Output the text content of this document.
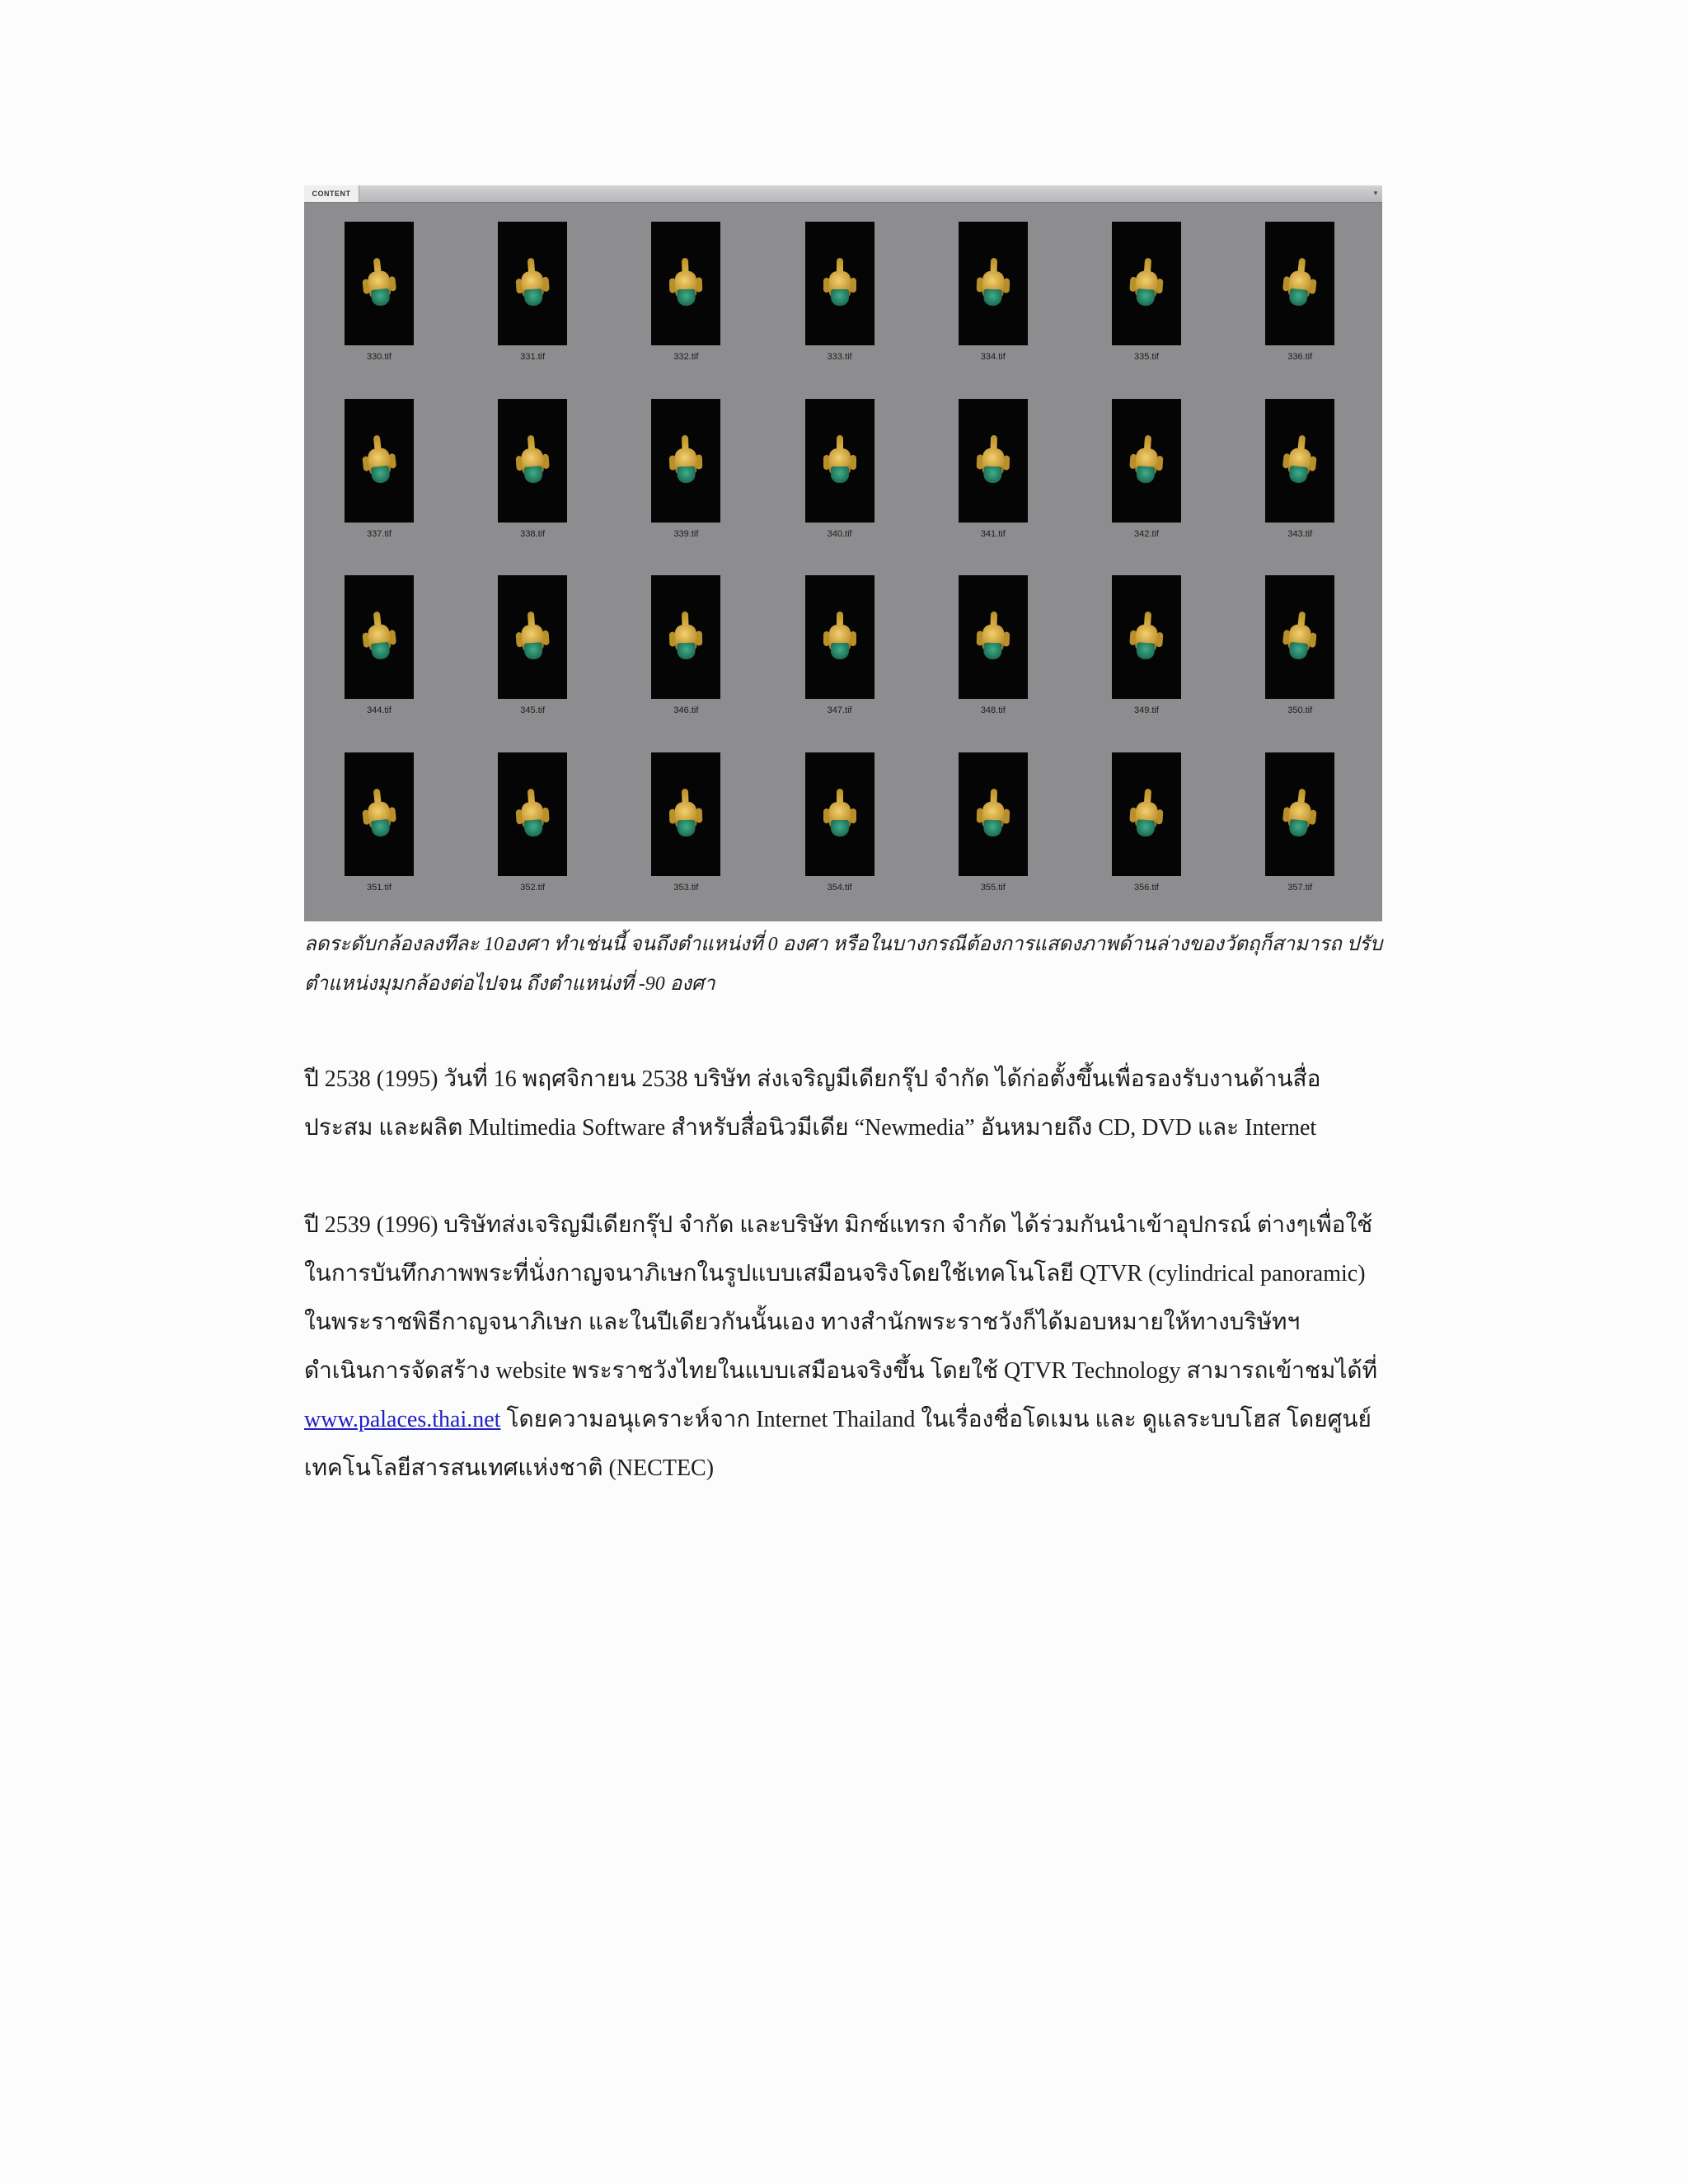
CONTENT	▾
330.tif	331.tif	332.tif	333.tif	334.tif	335.tif	336.tif
337.tif	338.tif	339.tif	340.tif	341.tif	342.tif	343.tif
344.tif	345.tif	346.tif	347.tif	348.tif	349.tif	350.tif
351.tif	352.tif	353.tif	354.tif	355.tif	356.tif	357.tif
ลดระดับกล้องลงทีละ 10องศา ทำเช่นนี้ จนถึงตำแหน่งที่ 0 องศา หรือในบางกรณีต้องการแสดงภาพด้านล่างของวัตถุก็สามารถ ปรับ
ตำแหน่งมุมกล้องต่อไปจน ถึงตำแหน่งที่ -90 องศา
ปี 2538 (1995) วันที่ 16 พฤศจิกายน 2538 บริษัท ส่งเจริญมีเดียกรุ๊ป จำกัด ได้ก่อตั้งขึ้นเพื่อรองรับงานด้านสื่อ
ประสม และผลิต Multimedia Software สำหรับสื่อนิวมีเดีย “Newmedia” อันหมายถึง CD, DVD และ Internet
ปี 2539 (1996) บริษัทส่งเจริญมีเดียกรุ๊ป จำกัด และบริษัท มิกซ์แทรก จำกัด ได้ร่วมกันนำเข้าอุปกรณ์ ต่างๆเพื่อใช้
ในการบันทึกภาพพระที่นั่งกาญจนาภิเษกในรูปแบบเสมือนจริงโดยใช้เทคโนโลยี QTVR (cylindrical panoramic)
ในพระราชพิธีกาญจนาภิเษก และในปีเดียวกันนั้นเอง ทางสำนักพระราชวังก็ได้มอบหมายให้ทางบริษัทฯ
ดำเนินการจัดสร้าง website พระราชวังไทยในแบบเสมือนจริงขึ้น โดยใช้ QTVR Technology สามารถเข้าชมได้ที่
www.palaces.thai.net โดยความอนุเคราะห์จาก Internet Thailand ในเรื่องชื่อโดเมน และ ดูแลระบบโฮส โดยศูนย์
เทคโนโลยีสารสนเทศแห่งชาติ (NECTEC)
